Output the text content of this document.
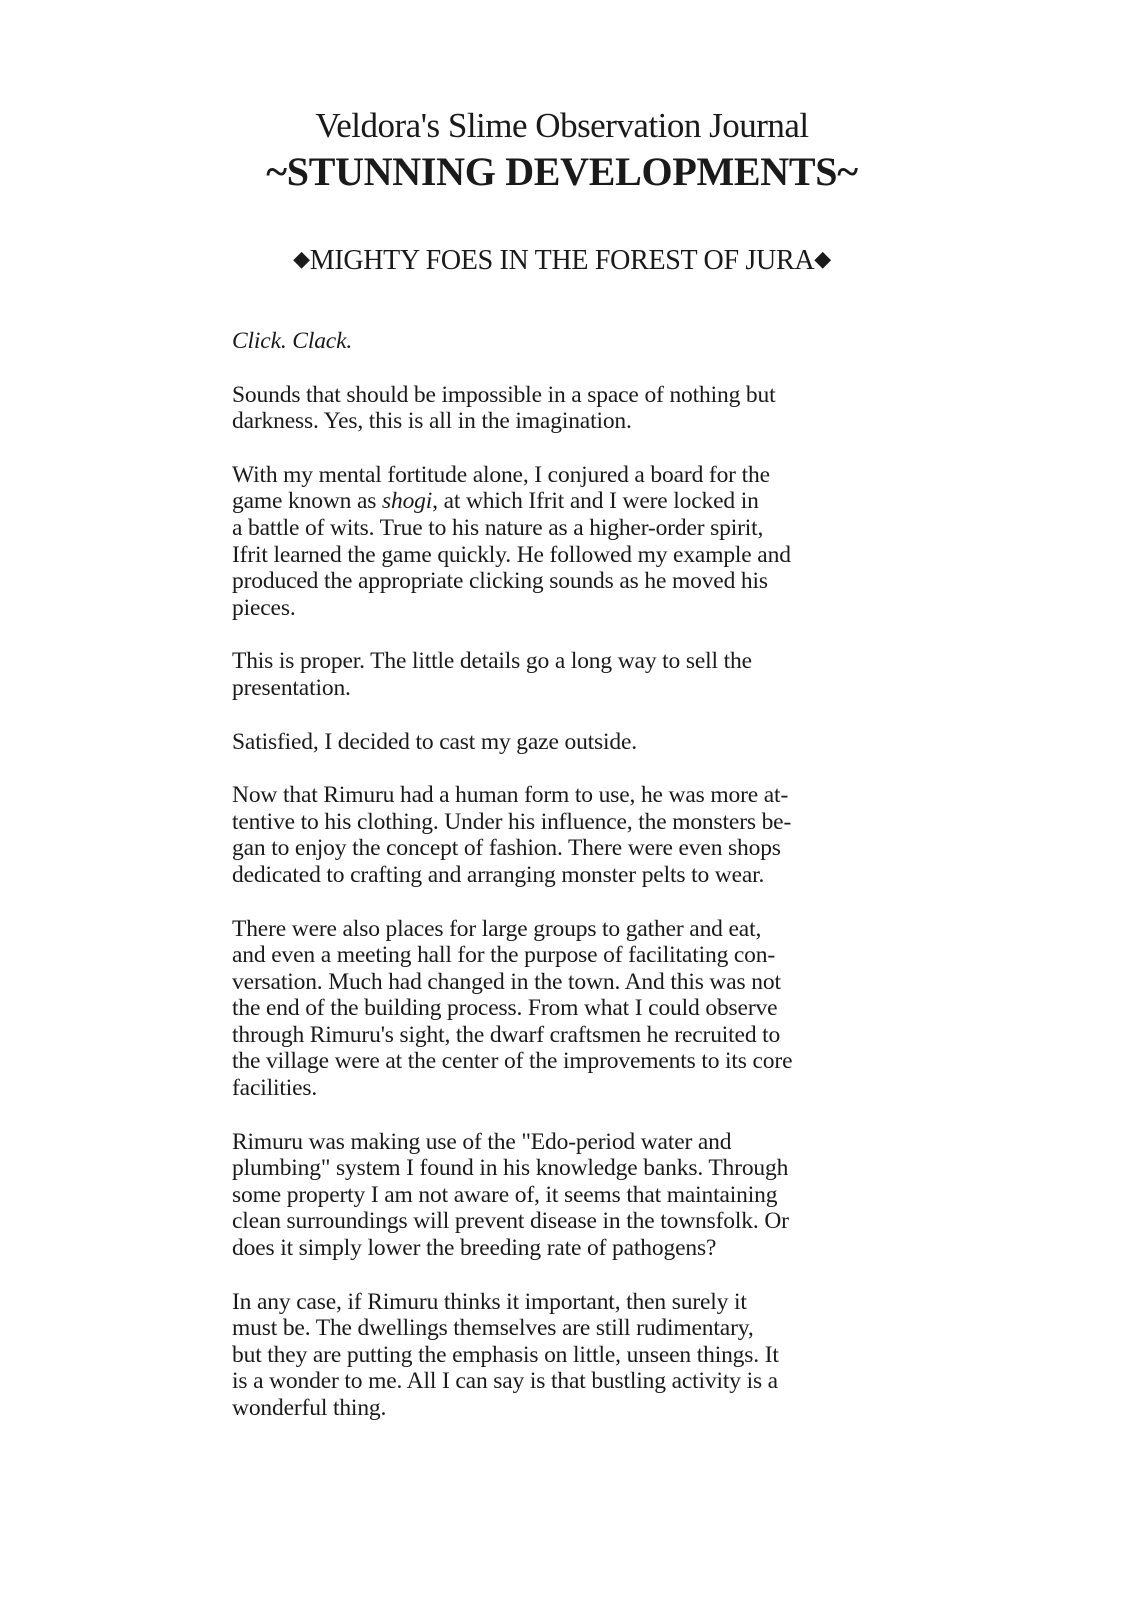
Veldora's Slime Observation Journal
~STUNNING DEVELOPMENTS~
◆MIGHTY FOES IN THE FOREST OF JURA◆

Click. Clack.

Sounds that should be impossible in a space of nothing but
darkness. Yes, this is all in the imagination.

With my mental fortitude alone, I conjured a board for the
game known as shogi, at which Ifrit and I were locked in
a battle of wits. True to his nature as a higher-order spirit,
Ifrit learned the game quickly. He followed my example and
produced the appropriate clicking sounds as he moved his
pieces.

This is proper. The little details go a long way to sell the
presentation.

Satisfied, I decided to cast my gaze outside.

Now that Rimuru had a human form to use, he was more at-
tentive to his clothing. Under his influence, the monsters be-
gan to enjoy the concept of fashion. There were even shops
dedicated to crafting and arranging monster pelts to wear.

There were also places for large groups to gather and eat,
and even a meeting hall for the purpose of facilitating con-
versation. Much had changed in the town. And this was not
the end of the building process. From what I could observe
through Rimuru's sight, the dwarf craftsmen he recruited to
the village were at the center of the improvements to its core
facilities.

Rimuru was making use of the "Edo-period water and
plumbing" system I found in his knowledge banks. Through
some property I am not aware of, it seems that maintaining
clean surroundings will prevent disease in the townsfolk. Or
does it simply lower the breeding rate of pathogens?

In any case, if Rimuru thinks it important, then surely it
must be. The dwellings themselves are still rudimentary,
but they are putting the emphasis on little, unseen things. It
is a wonder to me. All I can say is that bustling activity is a
wonderful thing.
